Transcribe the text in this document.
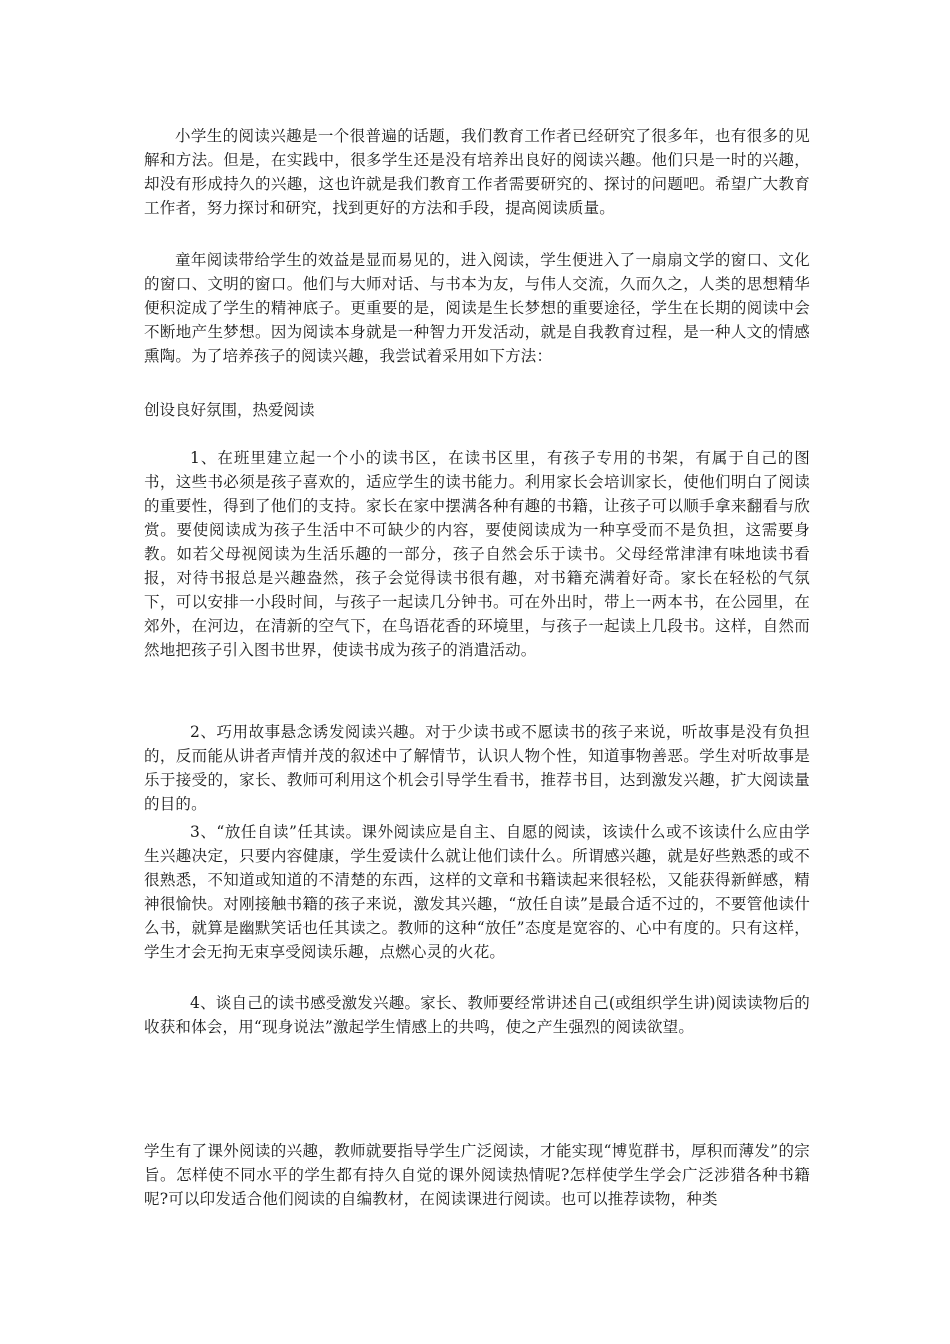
小学生的阅读兴趣是一个很普遍的话题，我们教育工作者已经研究了很多年，也有很多的见解和方法。但是，在实践中，很多学生还是没有培养出良好的阅读兴趣。他们只是一时的兴趣，却没有形成持久的兴趣，这也许就是我们教育工作者需要研究的、探讨的问题吧。希望广大教育工作者，努力探讨和研究，找到更好的方法和手段，提高阅读质量。

童年阅读带给学生的效益是显而易见的，进入阅读，学生便进入了一扇扇文学的窗口、文化的窗口、文明的窗口。他们与大师对话、与书本为友，与伟人交流，久而久之，人类的思想精华便积淀成了学生的精神底子。更重要的是，阅读是生长梦想的重要途径，学生在长期的阅读中会不断地产生梦想。因为阅读本身就是一种智力开发活动，就是自我教育过程，是一种人文的情感熏陶。为了培养孩子的阅读兴趣，我尝试着采用如下方法：

创设良好氛围，热爱阅读

1、在班里建立起一个小的读书区，在读书区里，有孩子专用的书架，有属于自己的图书，这些书必须是孩子喜欢的，适应学生的读书能力。利用家长会培训家长，使他们明白了阅读的重要性，得到了他们的支持。家长在家中摆满各种有趣的书籍，让孩子可以顺手拿来翻看与欣赏。要使阅读成为孩子生活中不可缺少的内容，要使阅读成为一种享受而不是负担，这需要身教。如若父母视阅读为生活乐趣的一部分，孩子自然会乐于读书。父母经常津津有味地读书看报，对待书报总是兴趣盎然，孩子会觉得读书很有趣，对书籍充满着好奇。家长在轻松的气氛下，可以安排一小段时间，与孩子一起读几分钟书。可在外出时，带上一两本书，在公园里，在郊外，在河边，在清新的空气下，在鸟语花香的环境里，与孩子一起读上几段书。这样，自然而然地把孩子引入图书世界，使读书成为孩子的消遣活动。

2、巧用故事悬念诱发阅读兴趣。对于少读书或不愿读书的孩子来说，听故事是没有负担的，反而能从讲者声情并茂的叙述中了解情节，认识人物个性，知道事物善恶。学生对听故事是乐于接受的，家长、教师可利用这个机会引导学生看书，推荐书目，达到激发兴趣，扩大阅读量的目的。

3、“放任自读”任其读。课外阅读应是自主、自愿的阅读，该读什么或不该读什么应由学生兴趣决定，只要内容健康，学生爱读什么就让他们读什么。所谓感兴趣，就是好些熟悉的或不很熟悉，不知道或知道的不清楚的东西，这样的文章和书籍读起来很轻松，又能获得新鲜感，精神很愉快。对刚接触书籍的孩子来说，激发其兴趣，“放任自读”是最合适不过的，不要管他读什么书，就算是幽默笑话也任其读之。教师的这种“放任”态度是宽容的、心中有度的。只有这样，学生才会无拘无束享受阅读乐趣，点燃心灵的火花。

4、谈自己的读书感受激发兴趣。家长、教师要经常讲述自己(或组织学生讲)阅读读物后的收获和体会，用“现身说法”激起学生情感上的共鸣，使之产生强烈的阅读欲望。

学生有了课外阅读的兴趣，教师就要指导学生广泛阅读，才能实现“博览群书，厚积而薄发”的宗旨。怎样使不同水平的学生都有持久自觉的课外阅读热情呢?怎样使学生学会广泛涉猎各种书籍呢?可以印发适合他们阅读的自编教材，在阅读课进行阅读。也可以推荐读物，种类
